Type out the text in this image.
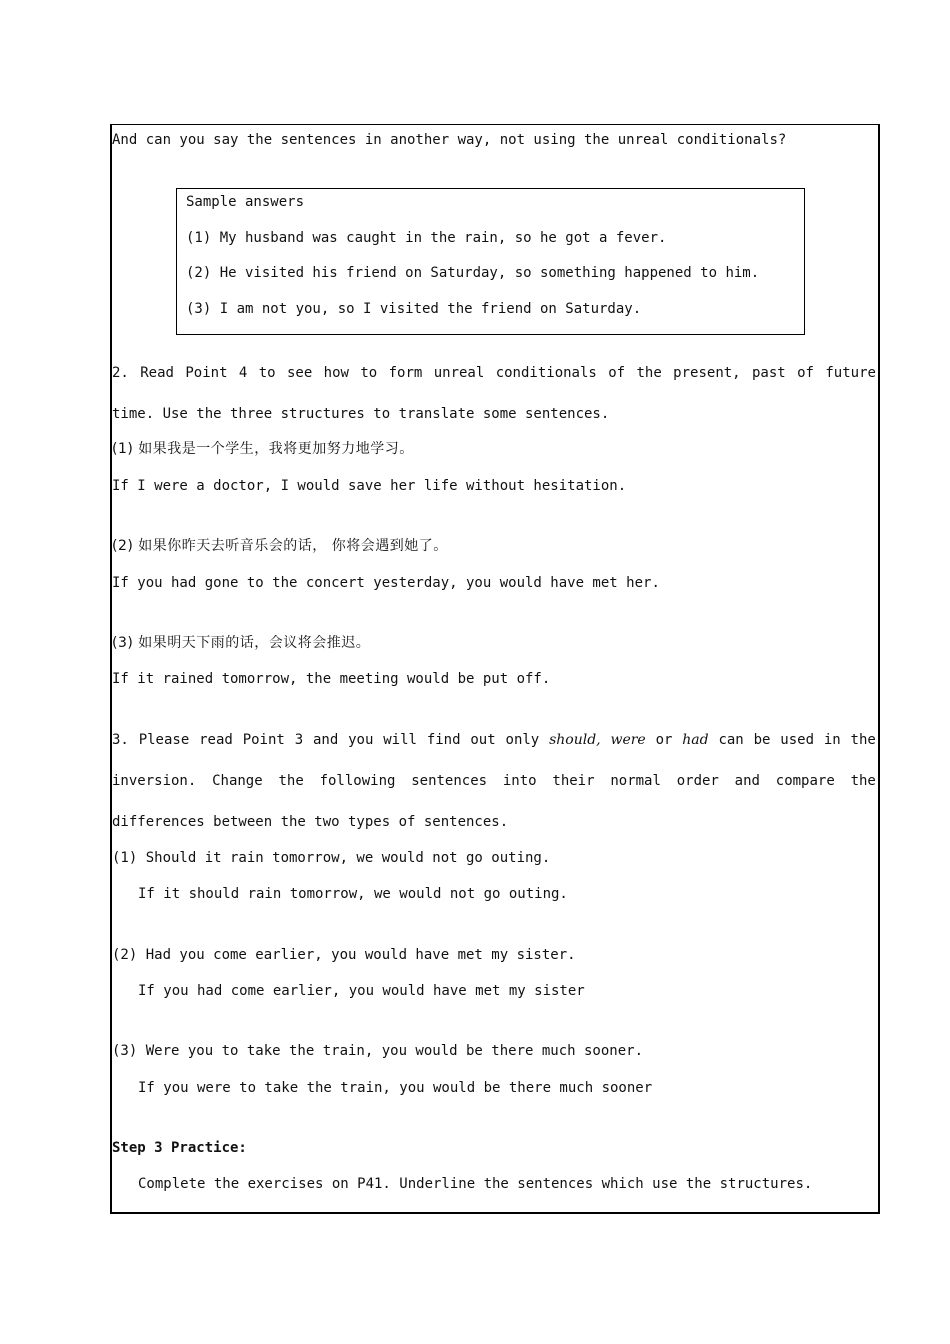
And can you say the sentences in another way, not using the unreal conditionals?

Sample answers

(1) My husband was caught in the rain, so he got a fever.

(2) He visited his friend on Saturday, so something happened to him.

(3) I am not you, so I visited the friend on Saturday.

2. Read Point 4 to see how to form unreal conditionals of the present, past of future

time. Use the three structures to translate some sentences.

(1) 如果我是一个学生，我将更加努力地学习。

If I were a doctor, I would save her life without hesitation.

(2) 如果你昨天去听音乐会的话， 你将会遇到她了。

If you had gone to the concert yesterday, you would have met her.

(3) 如果明天下雨的话，会议将会推迟。

If it rained tomorrow, the meeting would be put off.

3. Please read Point 3 and you will find out only should, were or had can be used in the

inversion. Change the following sentences into their normal order and compare the

differences between the two types of sentences.

(1) Should it rain tomorrow, we would not go outing.

If it should rain tomorrow, we would not go outing.

(2) Had you come earlier, you would have met my sister.

If you had come earlier, you would have met my sister

(3) Were you to take the train, you would be there much sooner.

If you were to take the train, you would be there much sooner

Step 3 Practice:

Complete the exercises on P41. Underline the sentences which use the structures.
